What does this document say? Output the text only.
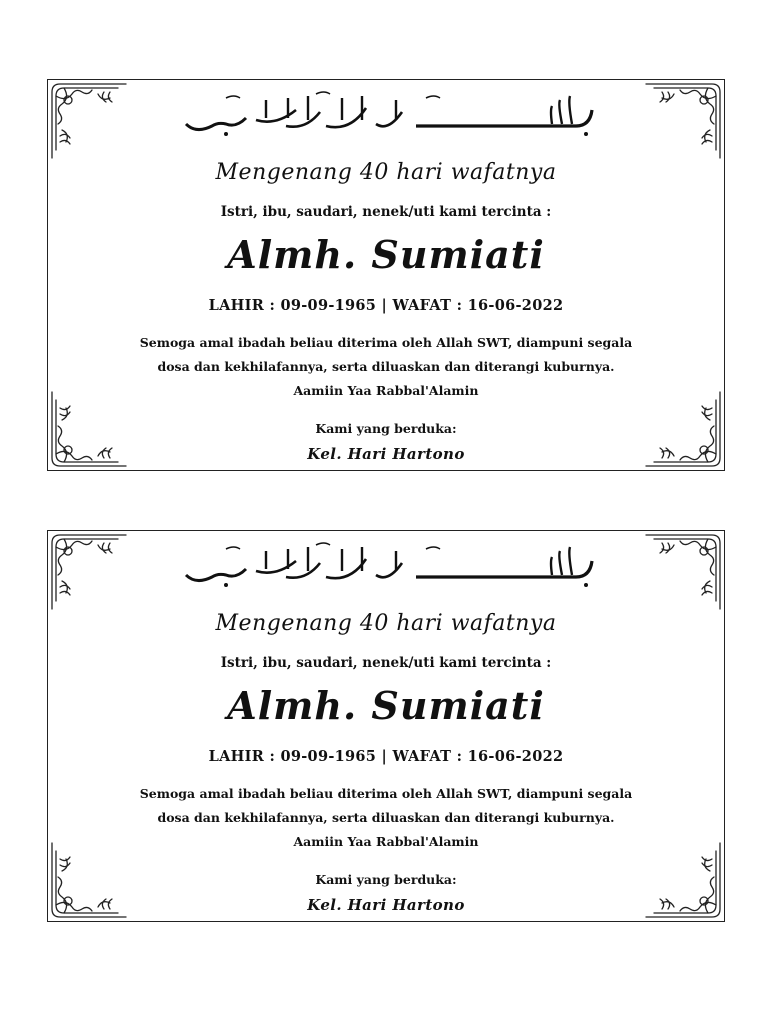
Mengenang 40 hari wafatnya
Istri, ibu, saudari, nenek/uti kami tercinta :
Almh. Sumiati
LAHIR : 09-09-1965 | WAFAT : 16-06-2022
Semoga amal ibadah beliau diterima oleh Allah SWT, diampuni segala
dosa dan kekhilafannya, serta diluaskan dan diterangi kuburnya.
Aamiin Yaa Rabbal'Alamin
Kami yang berduka:
Kel. Hari Hartono
Mengenang 40 hari wafatnya
Istri, ibu, saudari, nenek/uti kami tercinta :
Almh. Sumiati
LAHIR : 09-09-1965 | WAFAT : 16-06-2022
Semoga amal ibadah beliau diterima oleh Allah SWT, diampuni segala
dosa dan kekhilafannya, serta diluaskan dan diterangi kuburnya.
Aamiin Yaa Rabbal'Alamin
Kami yang berduka:
Kel. Hari Hartono
